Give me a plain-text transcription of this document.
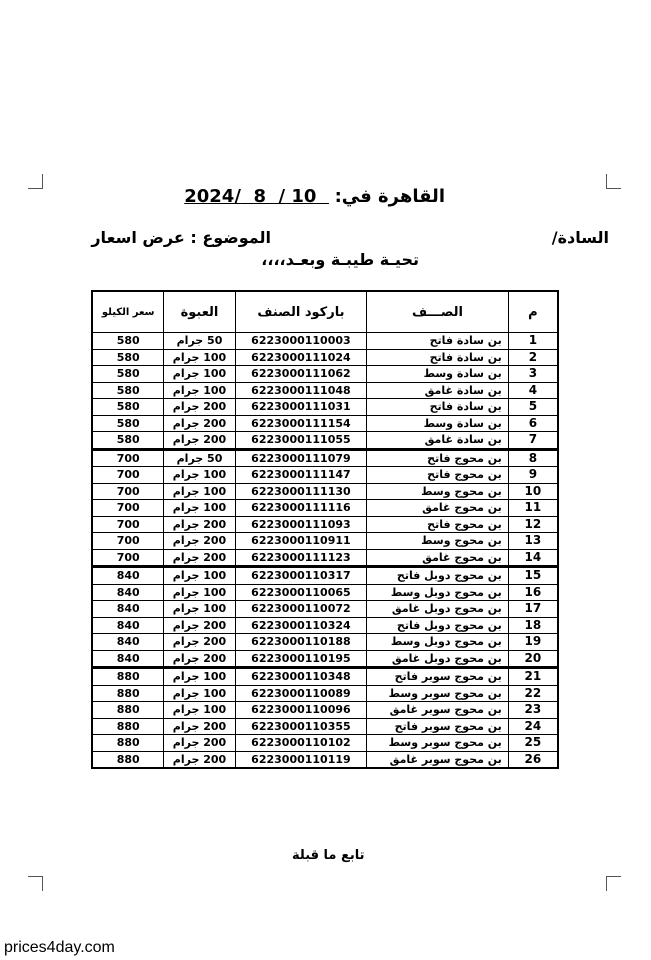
القاهرة في:   10 /  8  /2024
السادة/
الموضوع : عرض اسعار
تحيـة طيبـة وبعـد،،،،
م	الصـــف	باركود الصنف	العبوة	سعر الكيلو
1	بن سادة فاتح	6223000110003	50 جرام	580
2	بن سادة فاتح	6223000111024	100 جرام	580
3	بن سادة وسط	6223000111062	100 جرام	580
4	بن سادة غامق	6223000111048	100 جرام	580
5	بن سادة فاتح	6223000111031	200 جرام	580
6	بن سادة وسط	6223000111154	200 جرام	580
7	بن سادة غامق	6223000111055	200 جرام	580
8	بن محوج فاتح	6223000111079	50 جرام	700
9	بن محوج فاتح	6223000111147	100 جرام	700
10	بن محوج وسط	6223000111130	100 جرام	700
11	بن محوج غامق	6223000111116	100 جرام	700
12	بن محوج فاتح	6223000111093	200 جرام	700
13	بن محوج وسط	6223000110911	200 جرام	700
14	بن محوج غامق	6223000111123	200 جرام	700
15	بن محوج دوبل فاتح	6223000110317	100 جرام	840
16	بن محوج دوبل وسط	6223000110065	100 جرام	840
17	بن محوج دوبل غامق	6223000110072	100 جرام	840
18	بن محوج دوبل فاتح	6223000110324	200 جرام	840
19	بن محوج دوبل وسط	6223000110188	200 جرام	840
20	بن محوج دوبل غامق	6223000110195	200 جرام	840
21	بن محوج سوبر فاتح	6223000110348	100 جرام	880
22	بن محوج سوبر وسط	6223000110089	100 جرام	880
23	بن محوج سوبر غامق	6223000110096	100 جرام	880
24	بن محوج سوبر فاتح	6223000110355	200 جرام	880
25	بن محوج سوبر وسط	6223000110102	200 جرام	880
26	بن محوج سوبر غامق	6223000110119	200 جرام	880
تابع ما قبلة
prices4day.com
